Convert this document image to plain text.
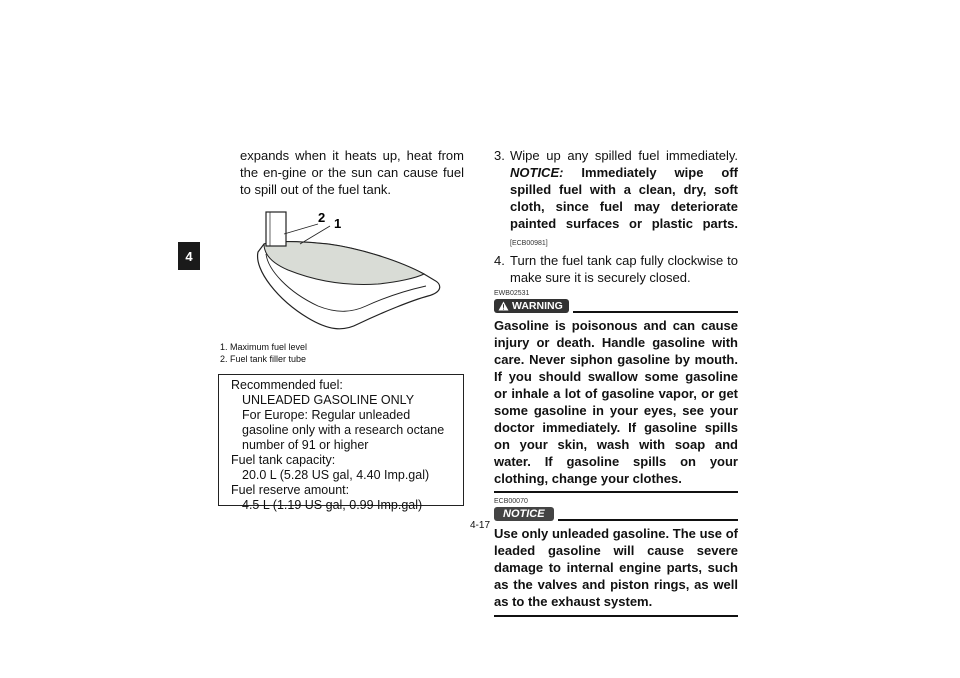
4
expands when it heats up, heat from the en-gine or the sun can cause fuel to spill out of the fuel tank.
2 1
1. Maximum fuel level
2. Fuel tank filler tube
Recommended fuel:
UNLEADED GASOLINE ONLY
For Europe: Regular unleaded gasoline only with a research octane number of 91 or higher
Fuel tank capacity:
20.0 L (5.28 US gal, 4.40 Imp.gal)
Fuel reserve amount:
4.5 L (1.19 US gal, 0.99 Imp.gal)
3. Wipe up any spilled fuel immediately. NOTICE: Immediately wipe off spilled fuel with a clean, dry, soft cloth, since fuel may deteriorate painted surfaces or plastic parts. [ECB00981]
4. Turn the fuel tank cap fully clockwise to make sure it is securely closed.
EWB02531
WARNING
Gasoline is poisonous and can cause injury or death. Handle gasoline with care. Never siphon gasoline by mouth. If you should swallow some gasoline or inhale a lot of gasoline vapor, or get some gasoline in your eyes, see your doctor immediately. If gasoline spills on your skin, wash with soap and water. If gasoline spills on your clothing, change your clothes.
ECB00070
NOTICE
Use only unleaded gasoline. The use of leaded gasoline will cause severe damage to internal engine parts, such as the valves and piston rings, as well as to the exhaust system.
4-17
